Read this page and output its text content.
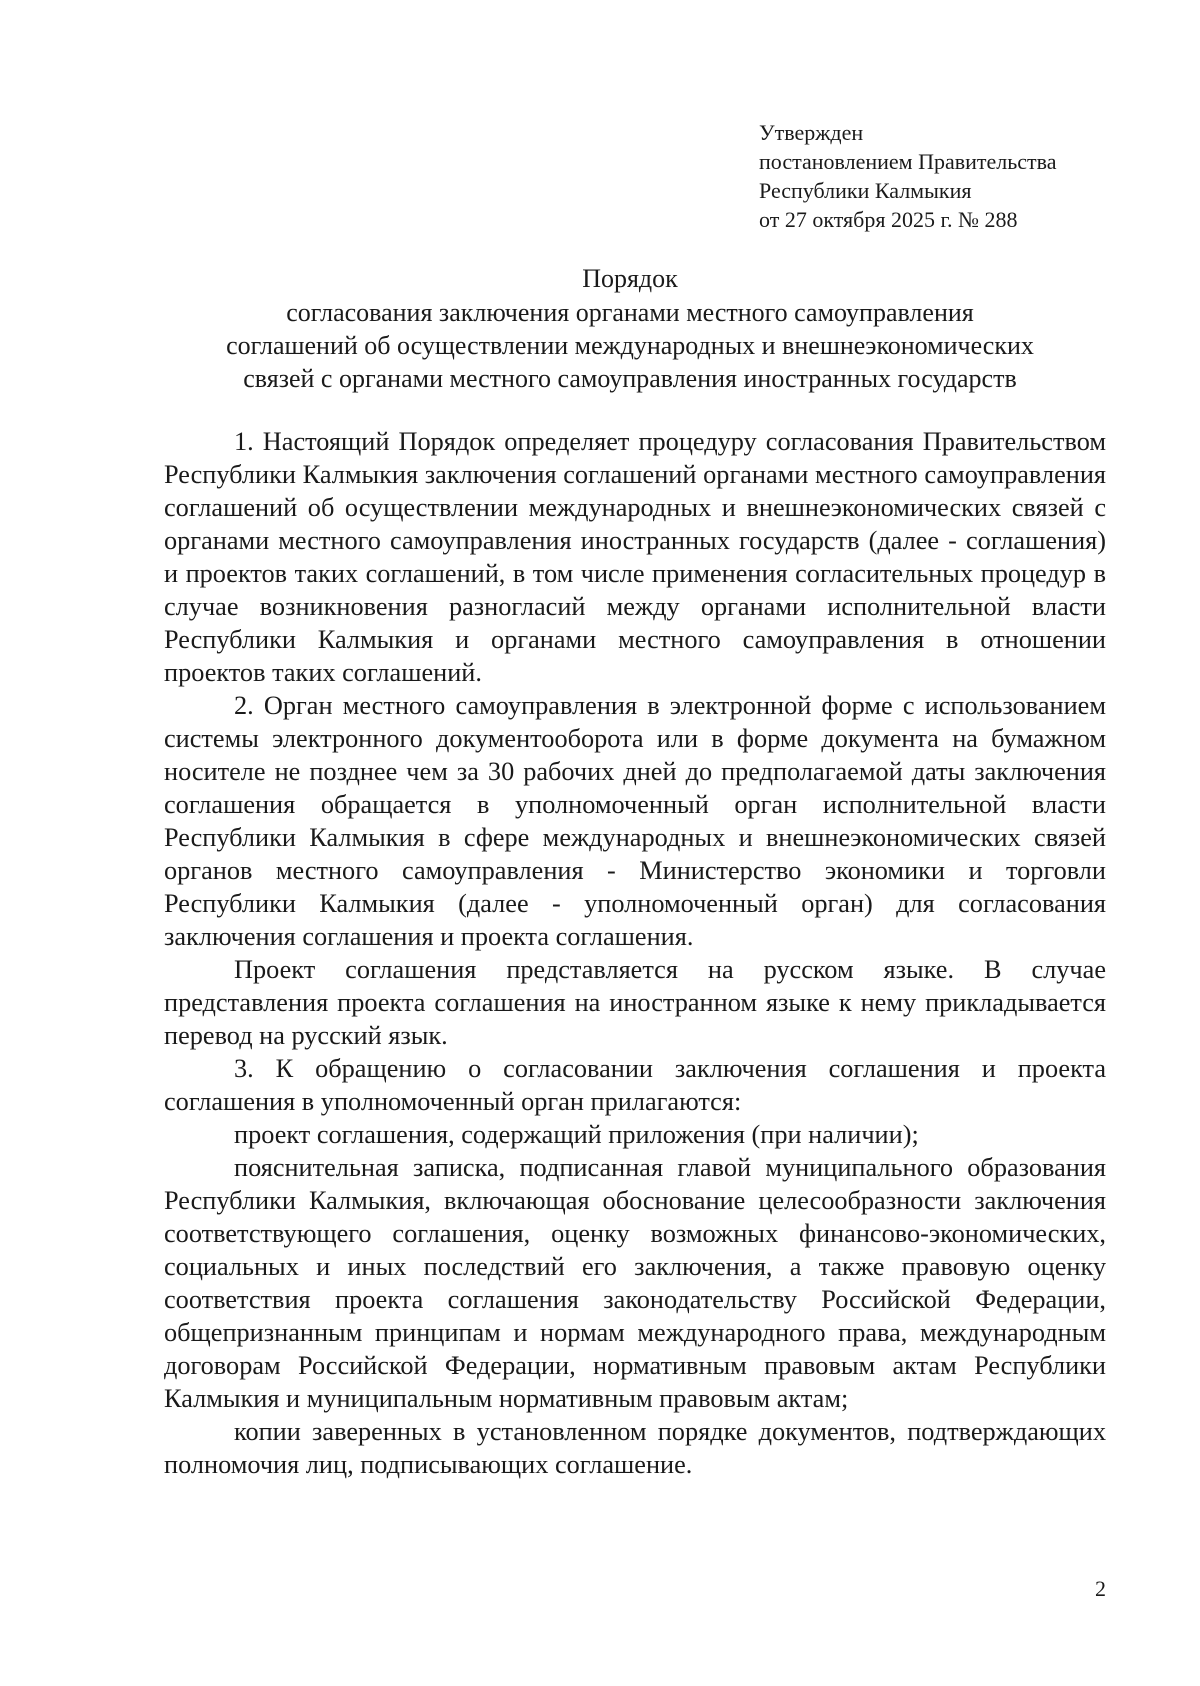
Утвержден
постановлением Правительства
Республики Калмыкия
от 27 октября 2025 г. № 288
Порядок
согласования заключения органами местного самоуправления
соглашений об осуществлении международных и внешнеэкономических
связей с органами местного самоуправления иностранных государств

1. Настоящий Порядок определяет процедуру согласования Правительством Республики Калмыкия заключения соглашений органами местного самоуправления соглашений об осуществлении международных и внешнеэкономических связей с органами местного самоуправления иностранных государств (далее - соглашения) и проектов таких соглашений, в том числе применения согласительных процедур в случае возникновения разногласий между органами исполнительной власти Республики Калмыкия и органами местного самоуправления в отношении проектов таких соглашений.

2. Орган местного самоуправления в электронной форме с использованием системы электронного документооборота или в форме документа на бумажном носителе не позднее чем за 30 рабочих дней до предполагаемой даты заключения соглашения обращается в уполномоченный орган исполнительной власти Республики Калмыкия в сфере международных и внешнеэкономических связей органов местного самоуправления - Министерство экономики и торговли Республики Калмыкия (далее - уполномоченный орган) для согласования заключения соглашения и проекта соглашения.

Проект соглашения представляется на русском языке. В случае представления проекта соглашения на иностранном языке к нему прикладывается перевод на русский язык.

3. К обращению о согласовании заключения соглашения и проекта соглашения в уполномоченный орган прилагаются:

проект соглашения, содержащий приложения (при наличии);

пояснительная записка, подписанная главой муниципального образования Республики Калмыкия, включающая обоснование целесообразности заключения соответствующего соглашения, оценку возможных финансово-экономических, социальных и иных последствий его заключения, а также правовую оценку соответствия проекта соглашения законодательству Российской Федерации, общепризнанным принципам и нормам международного права, международным договорам Российской Федерации, нормативным правовым актам Республики Калмыкия и муниципальным нормативным правовым актам;

копии заверенных в установленном порядке документов, подтверждающих полномочия лиц, подписывающих соглашение.

2
